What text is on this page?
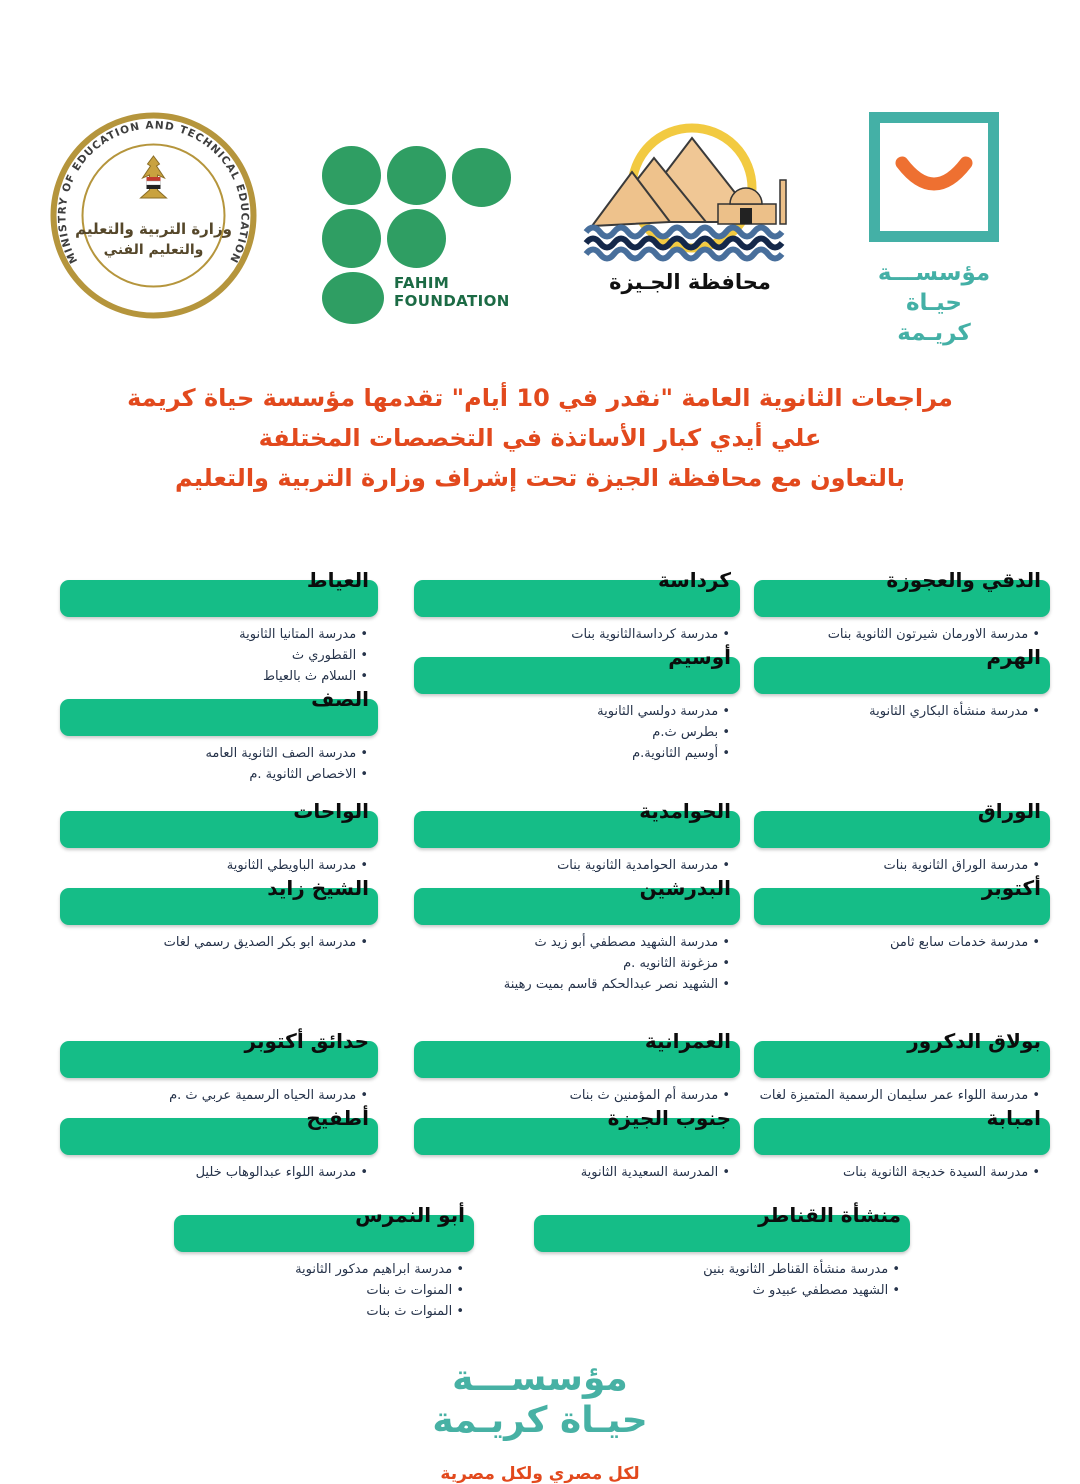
MINISTRY OF EDUCATION AND TECHNICAL EDUCATION
وزارة التربية والتعليم
والتعليم الفني
FAHIM
FOUNDATION
محافظة الجـيزة	مؤسســـة
حيـاة كريـمة
مراجعات الثانوية العامة "نقدر في 10 أيام" تقدمها مؤسسة حياة كريمة
علي أيدي كبار الأساتذة في التخصصات المختلفة
بالتعاون مع محافظة الجيزة تحت إشراف وزارة التربية والتعليم
الدقي والعجوزة
• مدرسة الاورمان شيرتون الثانوية بنات
الهرم
• مدرسة منشأة البكاري الثانوية
كرداسة
• مدرسة كرداسةالثانوية بنات
أوسيم
• مدرسة دولسي الثانوية
• بطرس ث.م
• أوسيم الثانوية.م
العياط
• مدرسة المتانيا الثانوية
• القطوري ث
• السلام ث بالعياط
الصف
• مدرسة الصف الثانوية العامه
• الاخصاص الثانوية .م
الوراق
• مدرسة الوراق الثانوية بنات
أكتوبر
• مدرسة خدمات سابع ثامن
الحوامدية
• مدرسة الحوامدية الثانوية بنات
البدرشين
• مدرسة الشهيد مصطفي أبو زيد ث
• مزغونة الثانويه .م
• الشهيد نصر عبدالحكم قاسم بميت رهينة
الواحات
• مدرسة الباويطي الثانوية
الشيخ زايد
• مدرسة ابو بكر الصديق رسمي لغات
بولاق الدكرور
• مدرسة اللواء عمر سليمان الرسمية المتميزة لغات
امبابة
• مدرسة السيدة خديجة الثانوية بنات
العمرانية
• مدرسة أم المؤمنين ث بنات
جنوب الجيزة
• المدرسة السعيدية الثانوية
حدائق أكتوبر
• مدرسة الحياه الرسمية عربي ث .م
أطفيح
• مدرسة اللواء عبدالوهاب خليل
منشأة القناطر
• مدرسة منشأة القناطر الثانوية بنين
• الشهيد مصطفي عبيدو ث
أبو النمرس
• مدرسة ابراهيم مدكور الثانوية
• المنوات ث بنات
• المنوات ث بنات
مؤسســـة
حيـاة كريـمة
لكل مصري ولكل مصرية
